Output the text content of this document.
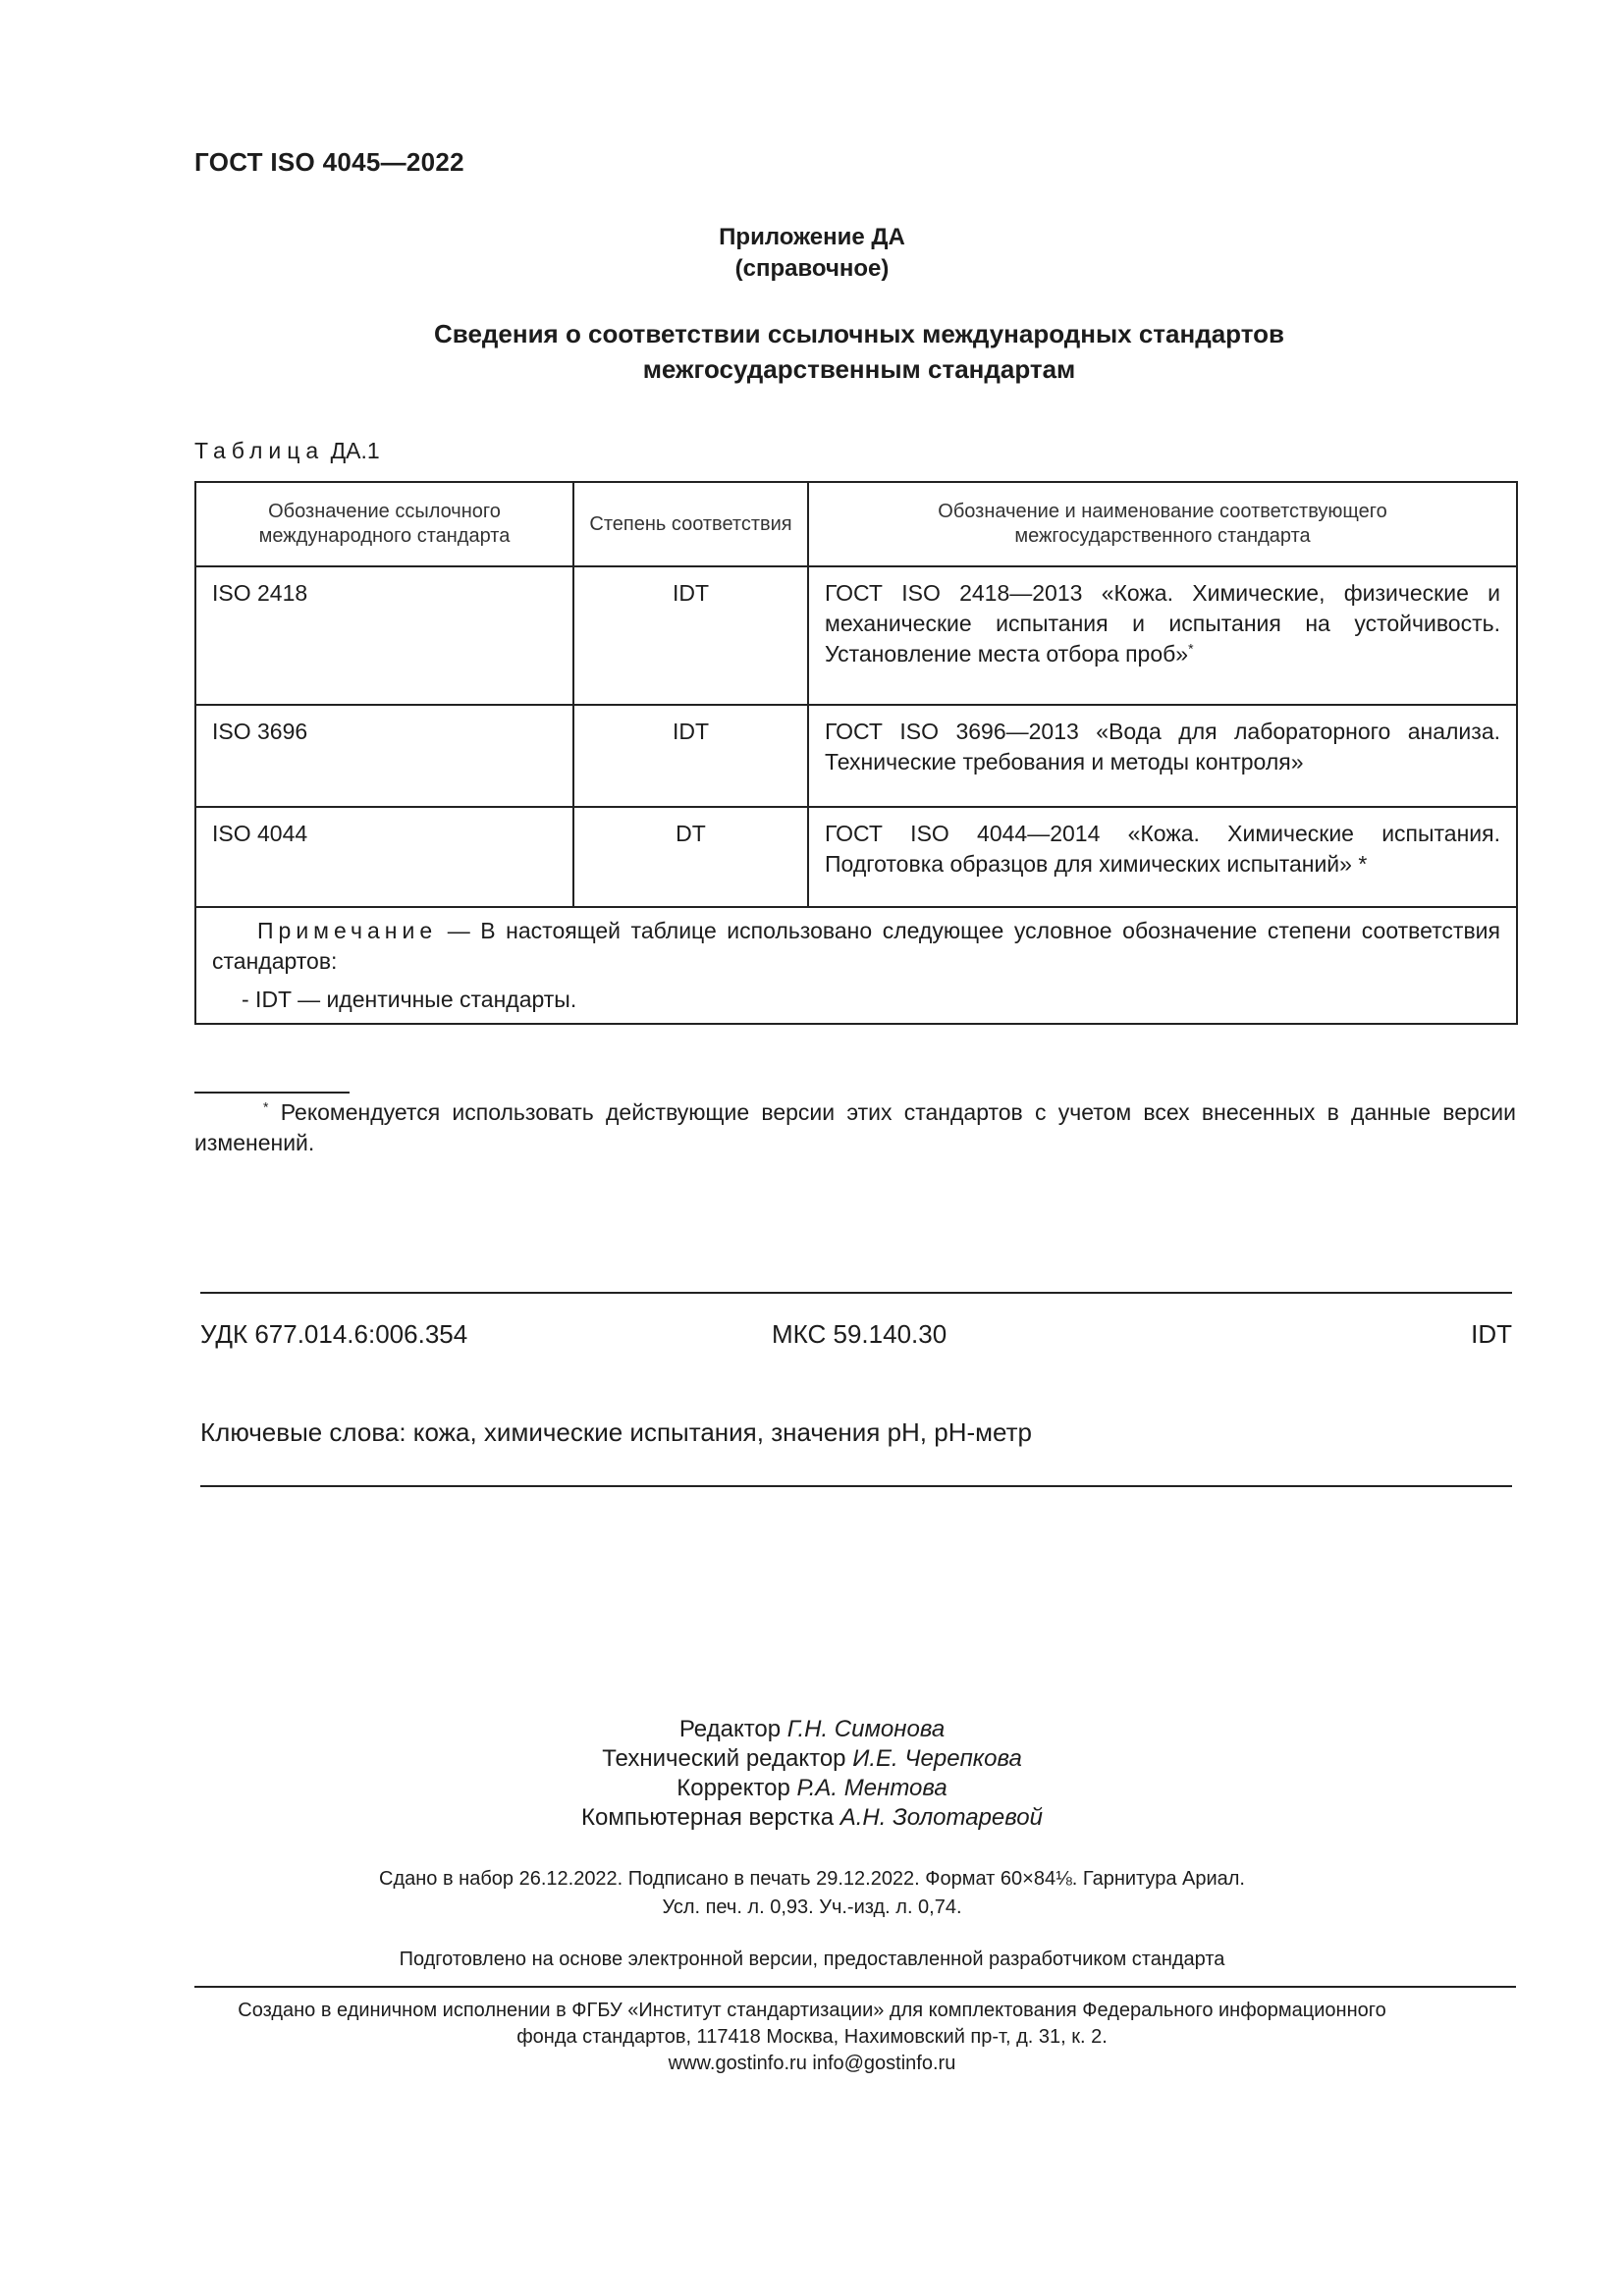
ГОСТ ISO 4045—2022
Приложение ДА
(справочное)
Сведения о соответствии ссылочных международных стандартов
межгосударственным стандартам
Таблица ДА.1
Обозначение ссылочного международного стандарта	Степень соответствия	Обозначение и наименование соответствующего межгосударственного стандарта

ISO 2418	IDT	ГОСТ ISO 2418—2013 «Кожа. Химические, физические и механические испытания и испытания на устойчивость. Установление места отбора проб»*

ISO 3696	IDT	ГОСТ ISO 3696—2013 «Вода для лабораторного анализа. Технические требования и методы контроля»

ISO 4044	DT	ГОСТ ISO 4044—2014 «Кожа. Химические испытания. Подготовка образцов для химических испытаний» *

Примечание — В настоящей таблице использовано следующее условное обозначение степени соответствия стандартов:
- IDT — идентичные стандарты.		
* Рекомендуется использовать действующие версии этих стандартов с учетом всех внесенных в данные версии изменений.
УДК 677.014.6:006.354	МКС 59.140.30	IDT
Ключевые слова: кожа, химические испытания, значения pH, pH-метр
Редактор Г.Н. Симонова
Технический редактор И.Е. Черепкова
Корректор Р.А. Ментова
Компьютерная верстка А.Н. Золотаревой
Сдано в набор 26.12.2022. Подписано в печать 29.12.2022. Формат 60×84⅛. Гарнитура Ариал.
Усл. печ. л. 0,93. Уч.-изд. л. 0,74.
Подготовлено на основе электронной версии, предоставленной разработчиком стандарта
Создано в единичном исполнении в ФГБУ «Институт стандартизации» для комплектования Федерального информационного
фонда стандартов, 117418 Москва, Нахимовский пр-т, д. 31, к. 2.
www.gostinfo.ru info@gostinfo.ru
